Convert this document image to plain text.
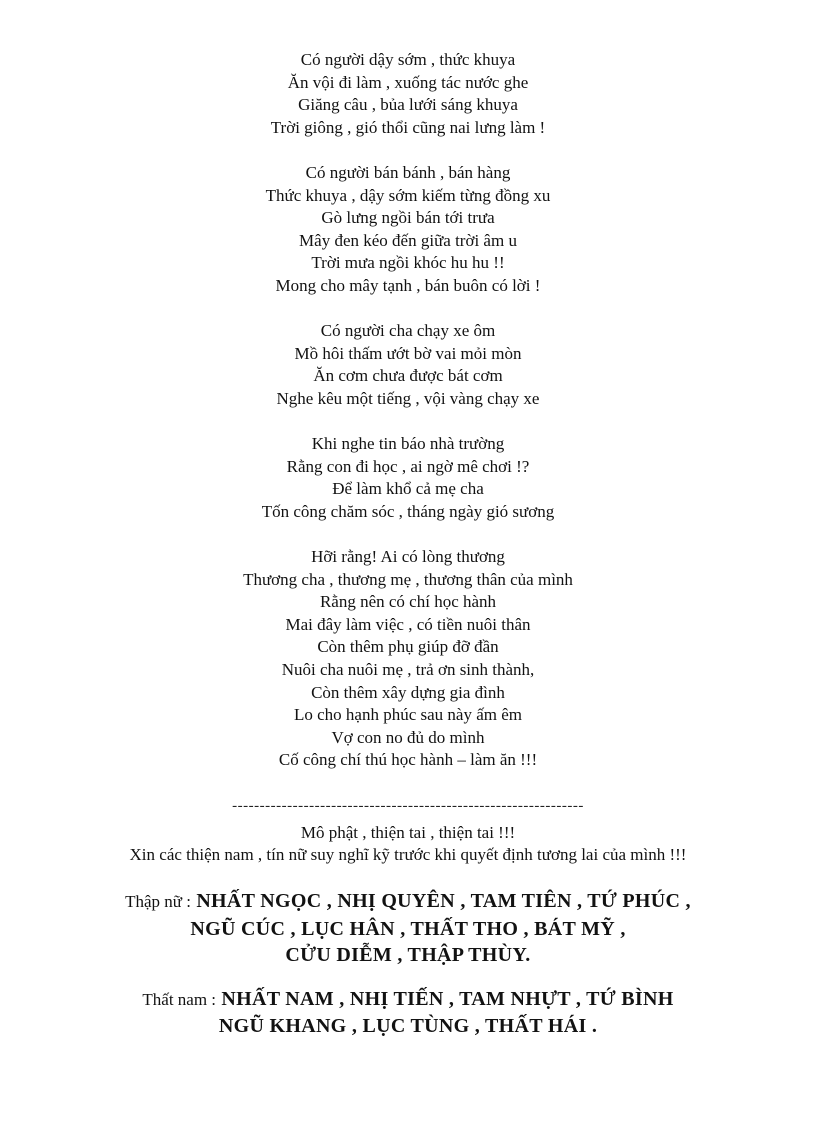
Có người dậy sớm , thức khuya
Ăn vội đi làm , xuống tác nước ghe
Giăng câu , bủa lưới sáng khuya
Trời giông , gió thổi cũng nai lưng làm !
Có người bán bánh , bán hàng
Thức khuya , dậy sớm kiếm từng đồng xu
Gò lưng ngồi bán tới trưa
Mây đen kéo đến giữa trời âm u
Trời mưa ngồi khóc hu hu !!
Mong cho mây tạnh , bán buôn có lời !
Có người cha chạy xe ôm
Mồ hôi thấm ướt bờ vai mỏi mòn
Ăn cơm chưa được bát cơm
Nghe kêu một tiếng , vội vàng chạy xe
Khi nghe tin báo nhà trường
Rằng con đi học , ai ngờ mê chơi !?
Để làm khổ cả mẹ cha
Tốn công chăm sóc , tháng ngày gió sương
Hỡi rằng! Ai có lòng thương
Thương cha , thương mẹ , thương thân của mình
Rằng nên có chí học hành
Mai đây làm việc , có tiền nuôi thân
Còn thêm phụ giúp đỡ đần
Nuôi cha nuôi mẹ , trả ơn sinh thành,
Còn thêm xây dựng gia đình
Lo cho hạnh phúc sau này ấm êm
Vợ con no đủ do mình
Cố công chí thú học hành – làm ăn !!!
----------------------------------------------------------------
Mô phật , thiện tai , thiện tai !!!
Xin các thiện nam , tín nữ suy nghĩ kỹ trước khi quyết định tương lai của mình !!!
Thập nữ : NHẤT NGỌC , NHỊ QUYÊN , TAM TIÊN , TỨ PHÚC ,
NGŨ CÚC , LỤC HÂN , THẤT THO , BÁT MỸ ,
CỬU DIỄM , THẬP THÙY.
Thất nam : NHẤT NAM , NHỊ TIẾN , TAM NHỰT , TỨ BÌNH
NGŨ KHANG , LỤC TÙNG , THẤT HÁI .
